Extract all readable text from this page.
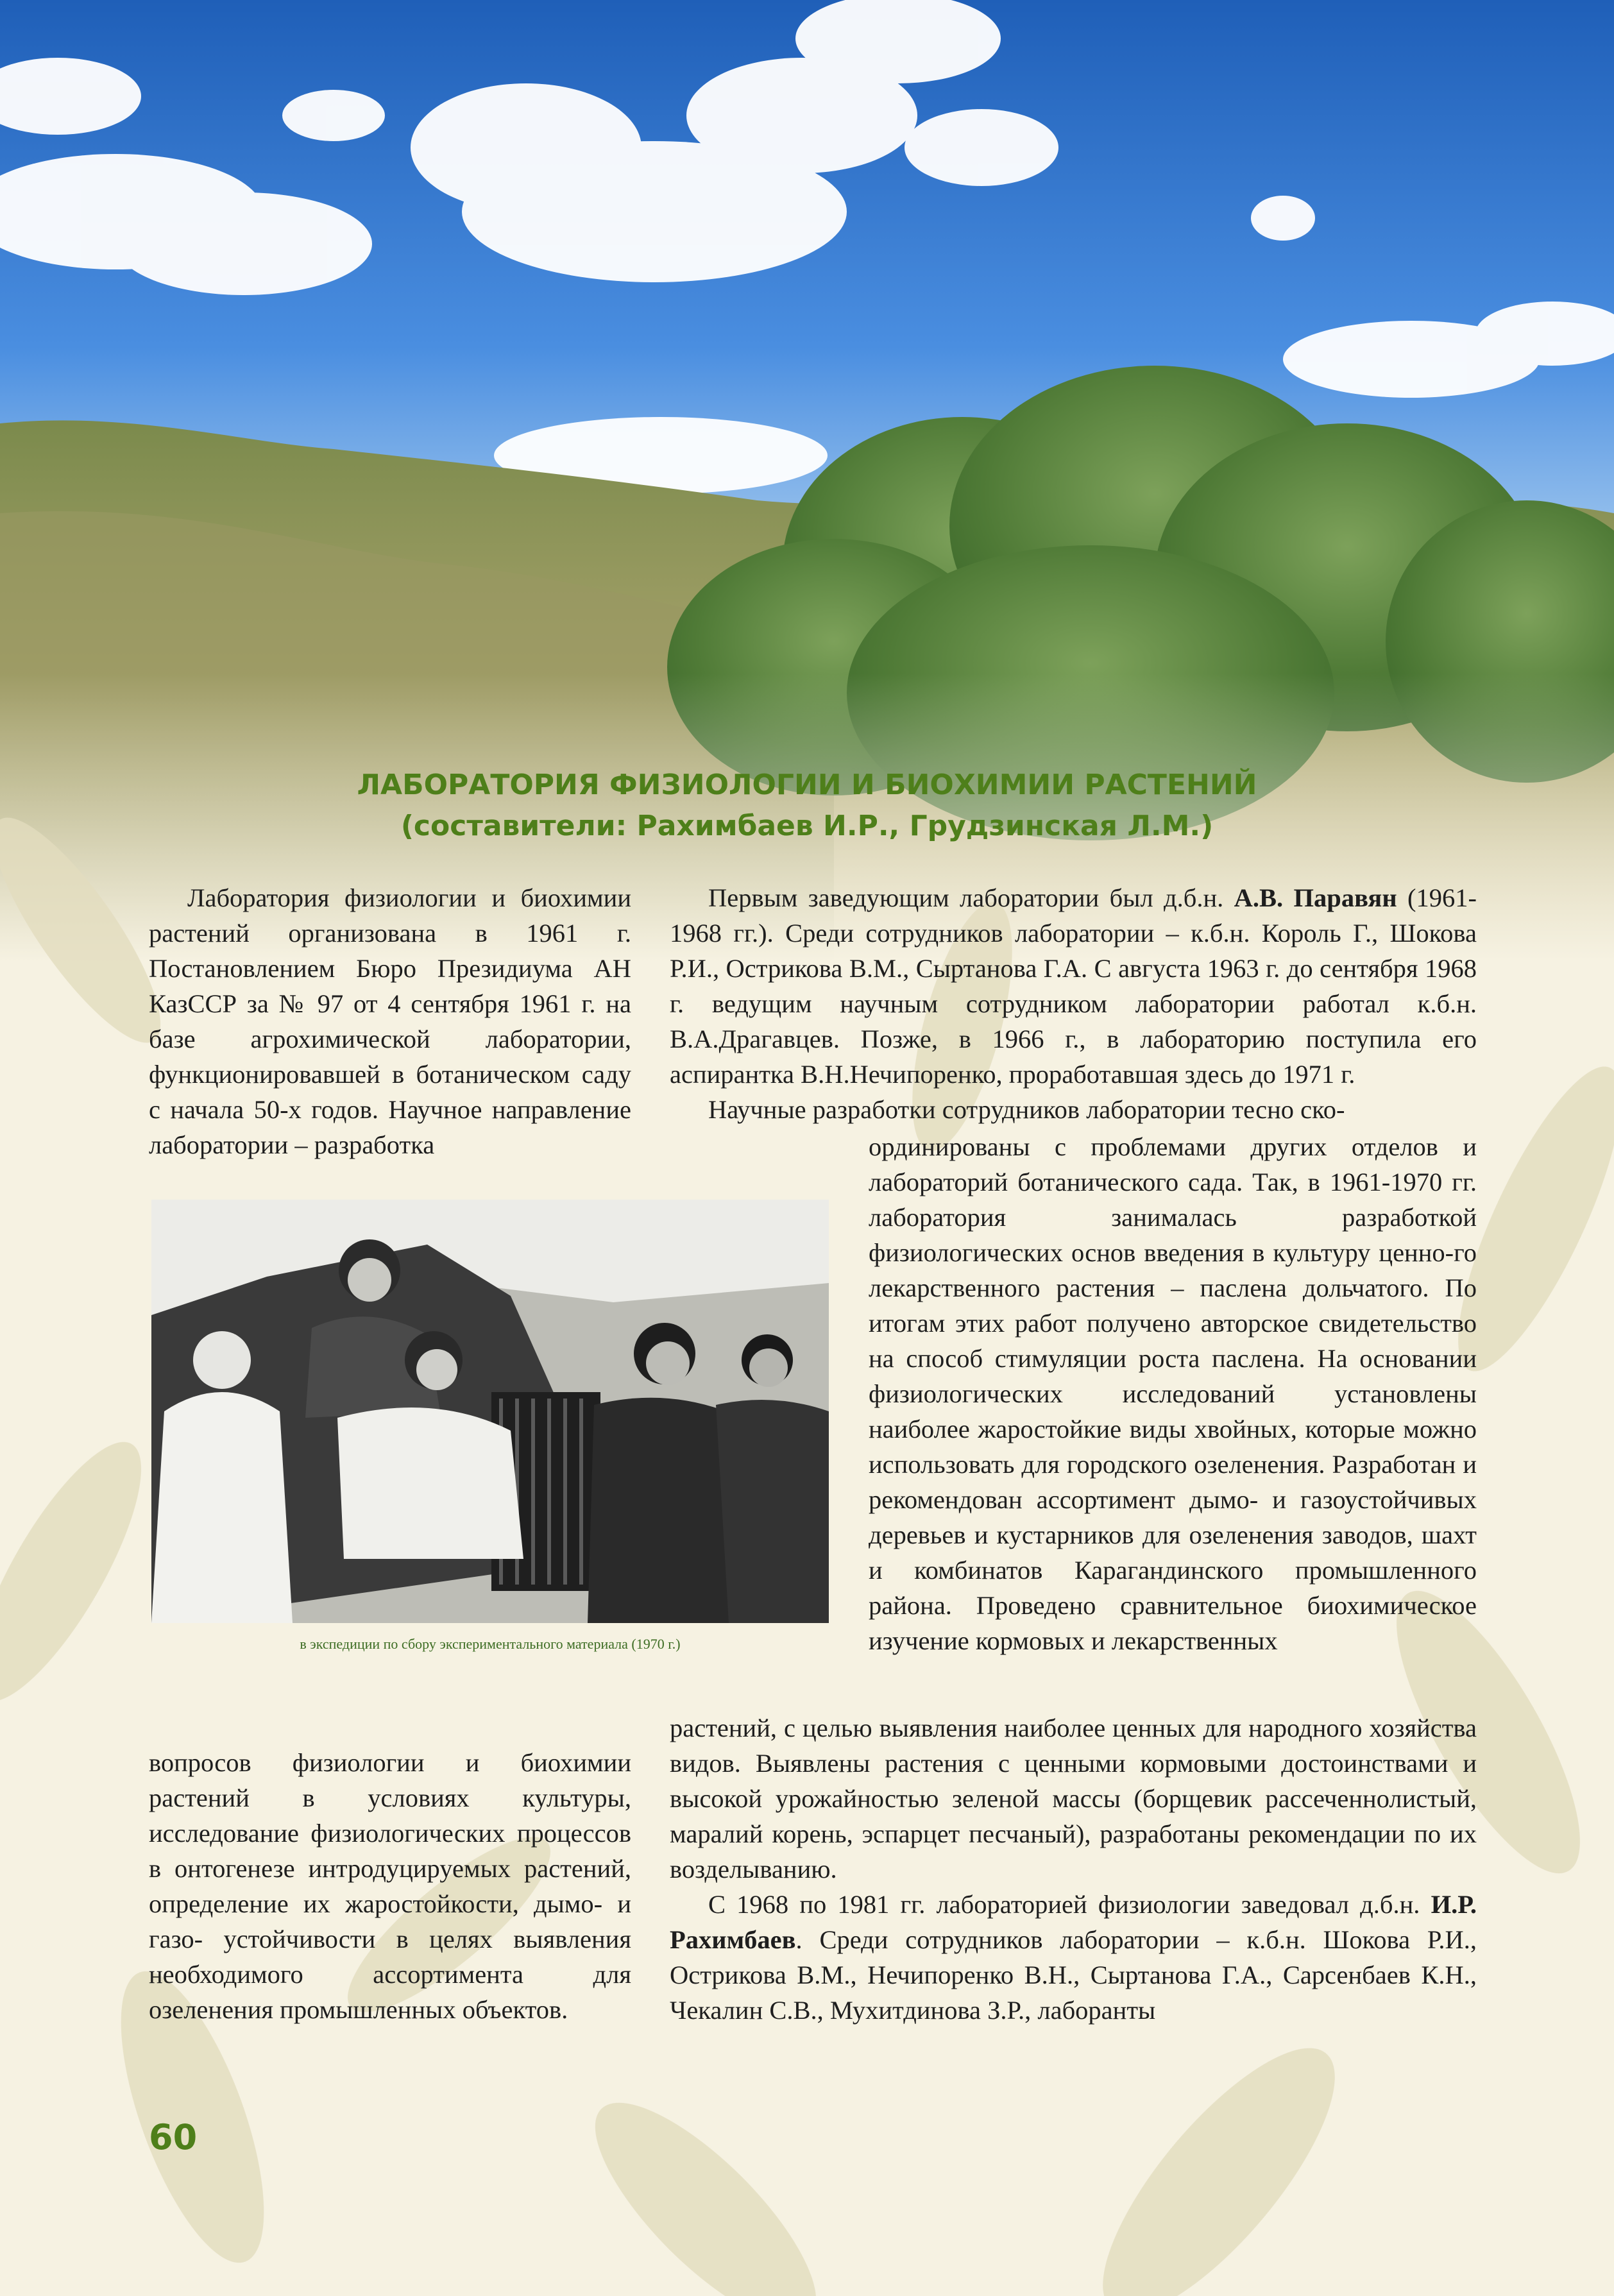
ЛАБОРАТОРИЯ ФИЗИОЛОГИИ И БИОХИМИИ РАСТЕНИЙ
(составители: Рахимбаев И.Р., Грудзинская Л.М.)

Лаборатория физиологии и биохимии растений организована в 1961 г. Постановлением Бюро Президиума АН КазССР за № 97 от 4 сентября 1961 г. на базе агрохимической лаборатории, функционировавшей в ботаническом саду с начала 50-х годов. Научное направление лаборатории – разработка

в экспедиции по сбору экспериментального материала (1970 г.)

вопросов физиологии и биохимии растений в условиях культуры, исследование физиологических процессов в онтогенезе интродуцируемых растений, определение их жаростойкости, дымо- и газо- устойчивости в целях выявления необходимого ассортимента для озеленения промышленных объектов.

Первым заведующим лаборатории был д.б.н. А.В. Паравян (1961-1968 гг.). Среди сотрудников лаборатории – к.б.н. Король Г., Шокова Р.И., Острикова В.М., Сыртанова Г.А. С августа 1963 г. до сентября 1968 г. ведущим научным сотрудником лаборатории работал к.б.н. В.А.Драгавцев. Позже, в 1966 г., в лабораторию поступила его аспирантка В.Н.Нечипоренко, проработавшая здесь до 1971 г.

Научные разработки сотрудников лаборатории тесно ско-

ординированы с проблемами других отделов и лабораторий ботанического сада. Так, в 1961-1970 гг. лаборатория занималась разработкой физиологических основ введения в культуру ценно-го лекарственного растения – паслена дольчатого. По итогам этих работ получено авторское свидетельство на способ стимуляции роста паслена. На основании физиологических исследований установлены наиболее жаростойкие виды хвойных, которые можно использовать для городского озеленения. Разработан и рекомендован ассортимент дымо- и газоустойчивых деревьев и кустарников для озеленения заводов, шахт и комбинатов Карагандинского промышленного района. Проведено сравнительное биохимическое изучение кормовых и лекарственных

растений, с целью выявления наиболее ценных для народного хозяйства видов. Выявлены растения с ценными кормовыми достоинствами и высокой урожайностью зеленой массы (борщевик рассеченнолистый, маралий корень, эспарцет песчаный), разработаны рекомендации по их возделыванию.

С 1968 по 1981 гг. лабораторией физиологии заведовал д.б.н. И.Р. Рахимбаев. Среди сотрудников лаборатории – к.б.н. Шокова Р.И., Острикова В.М., Нечипоренко В.Н., Сыртанова Г.А., Сарсенбаев К.Н., Чекалин С.В., Мухитдинова З.Р., лаборанты

60
